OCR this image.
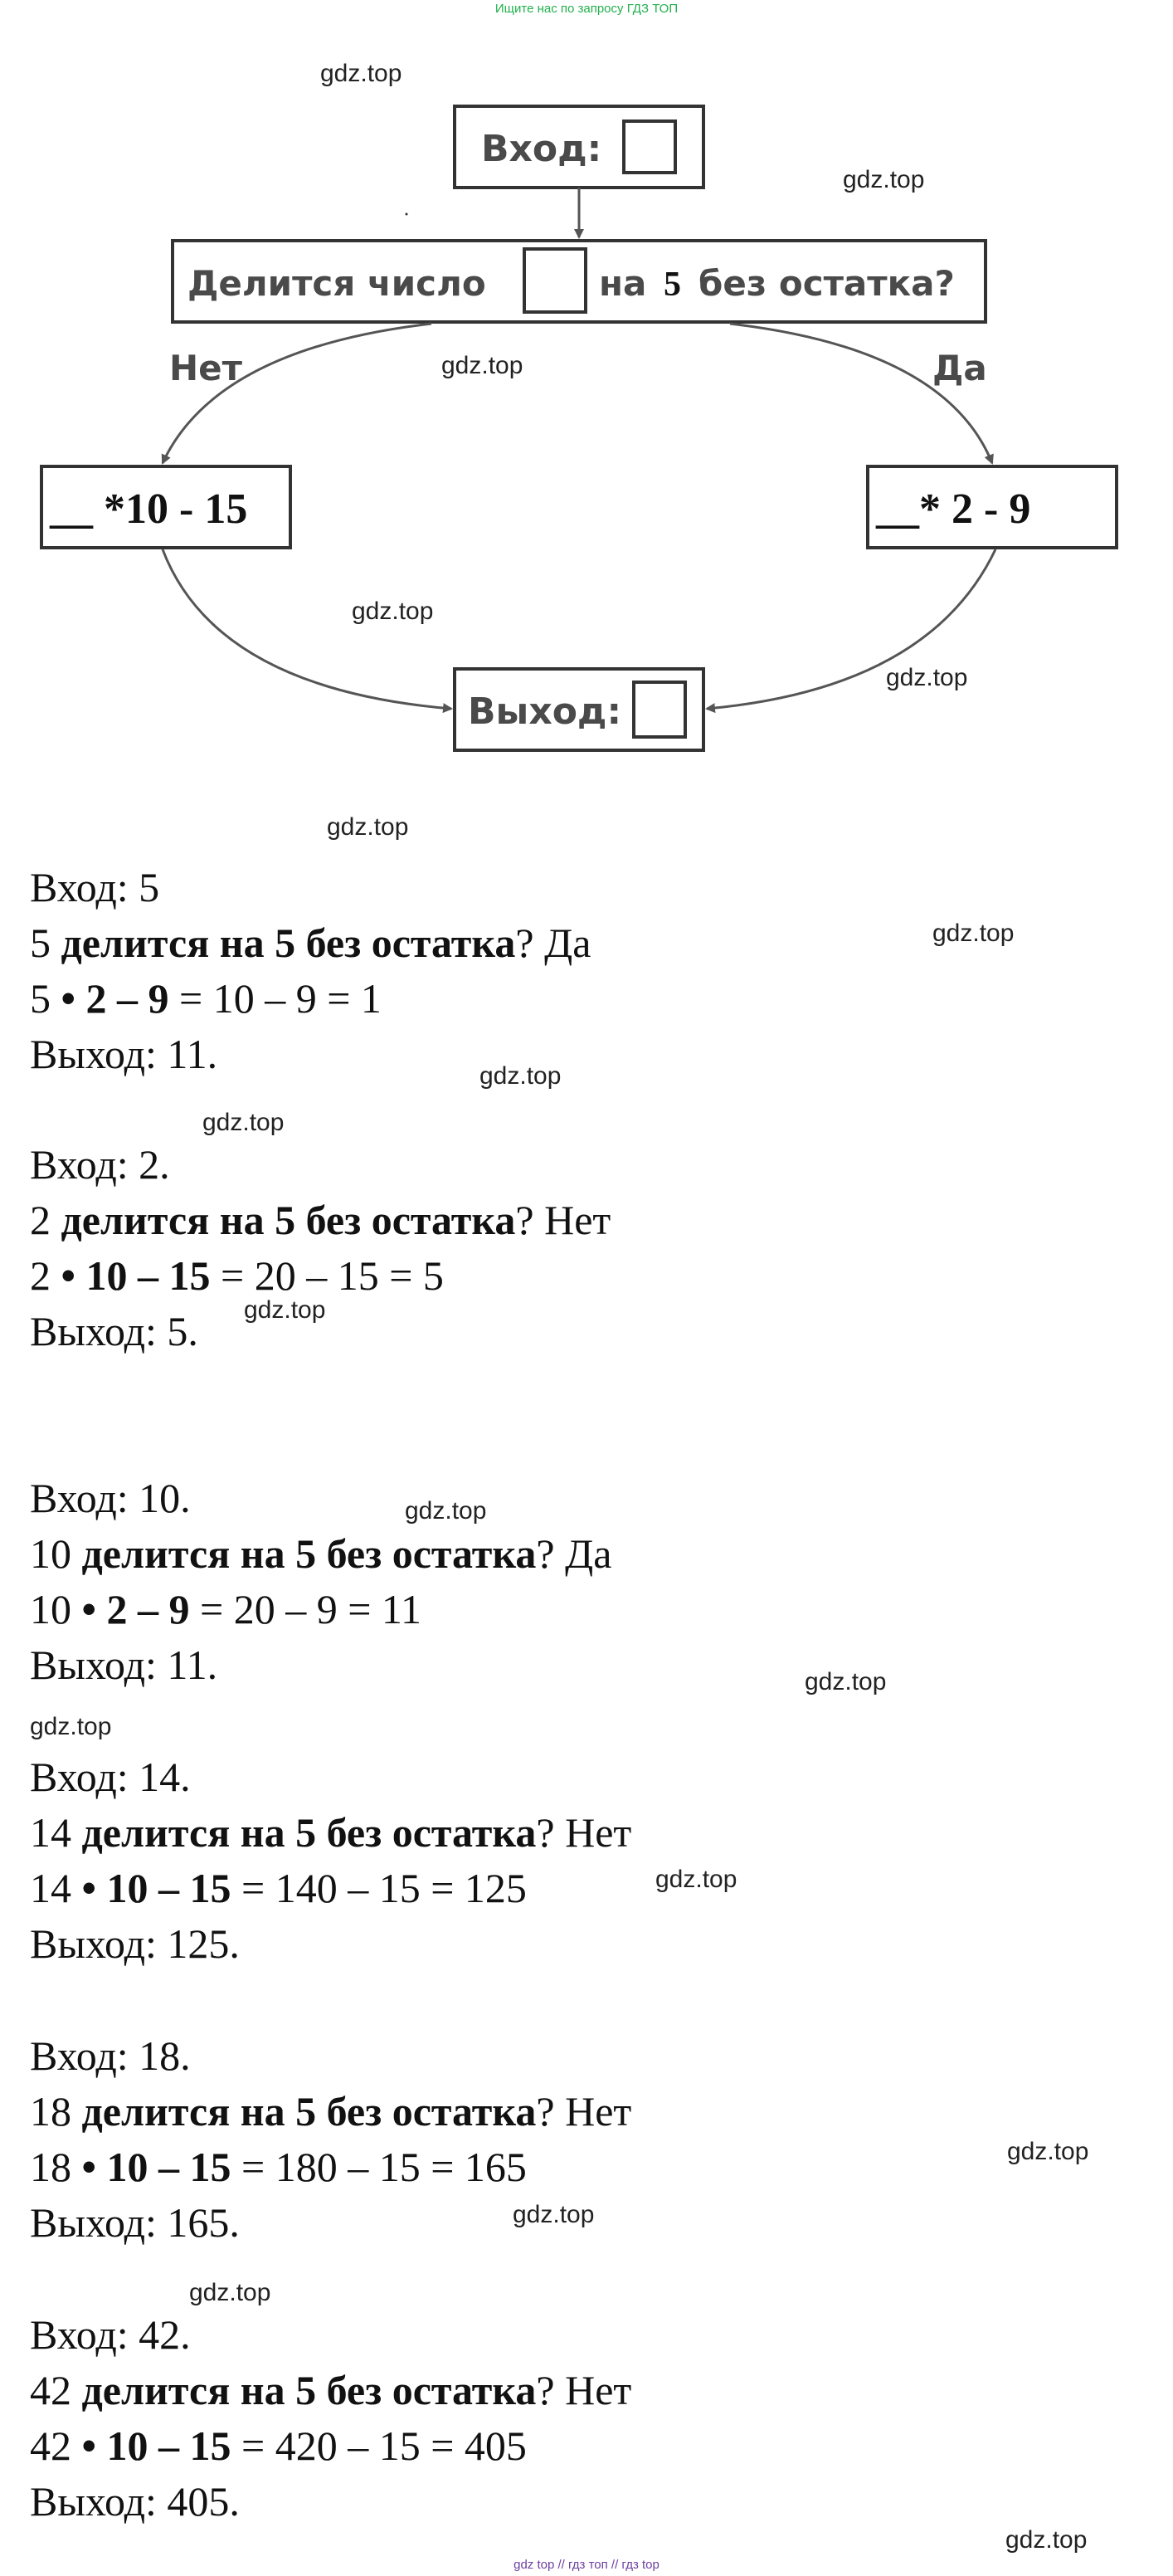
Ищите нас по запросу ГДЗ ТОП
Вход:
Делится число	на 5 без остатка?
Нет	Да
__ *10 - 15	__* 2 - 9
Выход:
Вход: 5
5 делится на 5 без остатка? Да
5 • 2 – 9 = 10 – 9 = 1
Выход: 11.
Вход: 2.
2 делится на 5 без остатка? Нет
2 • 10 – 15 = 20 – 15 = 5
Выход: 5.
Вход: 10.
10 делится на 5 без остатка? Да
10 • 2 – 9 = 20 – 9 = 11
Выход: 11.
Вход: 14.
14 делится на 5 без остатка? Нет
14 • 10 – 15 = 140 – 15 = 125
Выход: 125.
Вход: 18.
18 делится на 5 без остатка? Нет
18 • 10 – 15 = 180 – 15 = 165
Выход: 165.
Вход: 42.
42 делится на 5 без остатка? Нет
42 • 10 – 15 = 420 – 15 = 405
Выход: 405.
gdz.top
gdz.top
gdz.top
gdz.top
gdz.top
gdz.top
gdz.top
gdz.top
gdz.top
gdz.top
gdz.top
gdz.top
gdz.top
gdz.top
gdz.top
gdz.top
gdz.top
gdz.top
gdz top // гдз топ // гдз top
